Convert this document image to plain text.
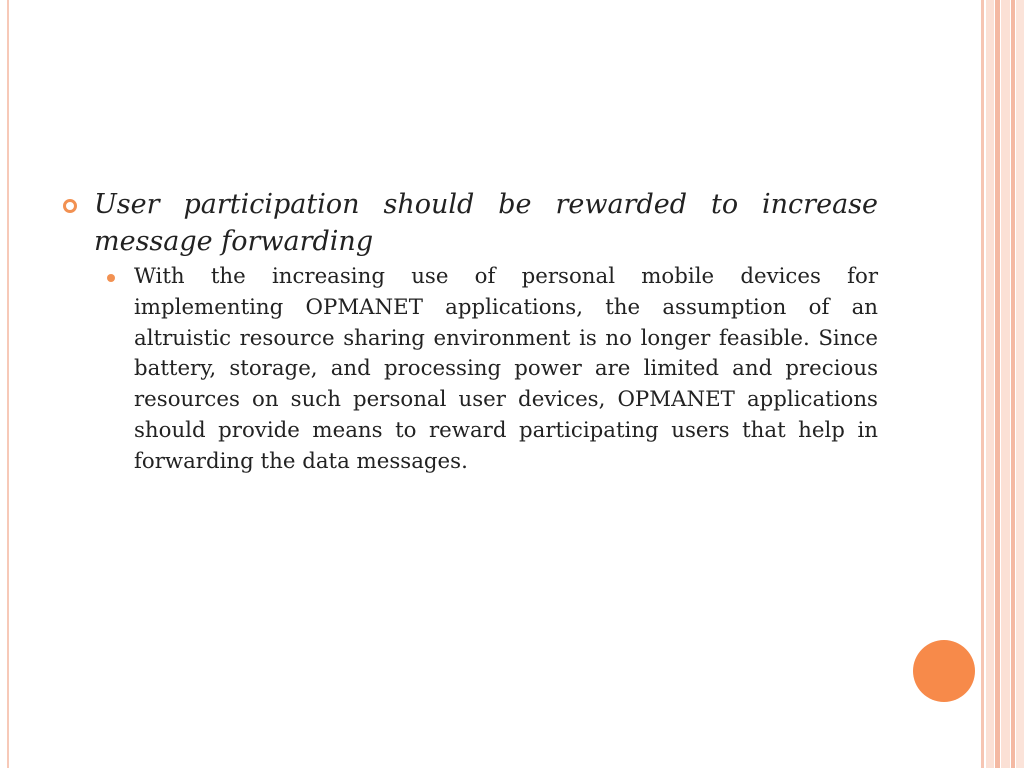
User participation should be rewarded to increase message forwarding
With the increasing use of personal mobile devices for implementing OPMANET applications, the assumption of an altruistic resource sharing environment is no longer feasible. Since battery, storage, and processing power are limited and precious resources on such personal user devices, OPMANET applications should provide means to reward participating users that help in forwarding the data messages.
